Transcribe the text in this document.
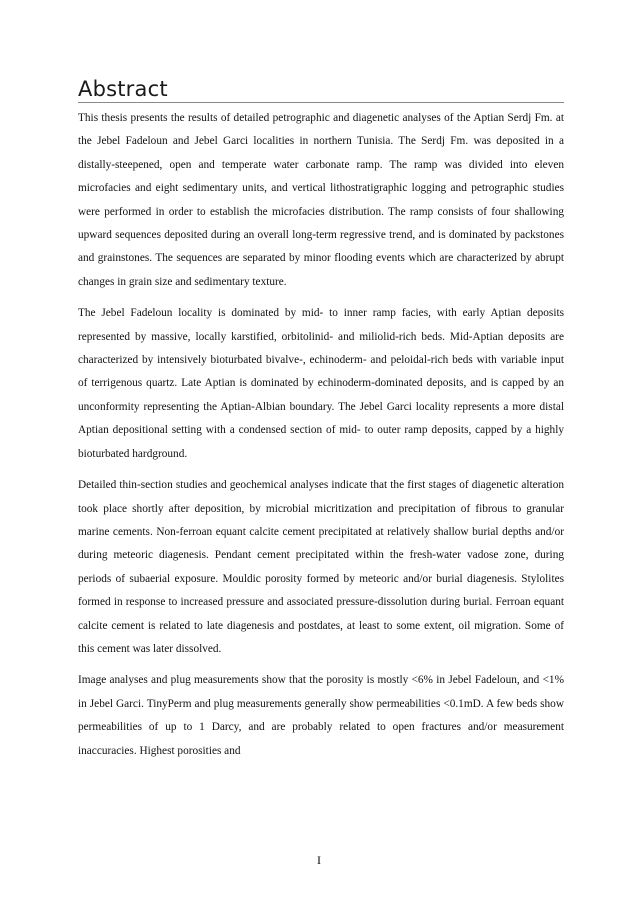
Abstract

This thesis presents the results of detailed petrographic and diagenetic analyses of the Aptian Serdj Fm. at the Jebel Fadeloun and Jebel Garci localities in northern Tunisia. The Serdj Fm. was deposited in a distally-steepened, open and temperate water carbonate ramp. The ramp was divided into eleven microfacies and eight sedimentary units, and vertical lithostratigraphic logging and petrographic studies were performed in order to establish the microfacies distribution. The ramp consists of four shallowing upward sequences deposited during an overall long-term regressive trend, and is dominated by packstones and grainstones. The sequences are separated by minor flooding events which are characterized by abrupt changes in grain size and sedimentary texture.

The Jebel Fadeloun locality is dominated by mid- to inner ramp facies, with early Aptian deposits represented by massive, locally karstified, orbitolinid- and miliolid-rich beds. Mid-Aptian deposits are characterized by intensively bioturbated bivalve-, echinoderm- and peloidal-rich beds with variable input of terrigenous quartz. Late Aptian is dominated by echinoderm-dominated deposits, and is capped by an unconformity representing the Aptian-Albian boundary. The Jebel Garci locality represents a more distal Aptian depositional setting with a condensed section of mid- to outer ramp deposits, capped by a highly bioturbated hardground.

Detailed thin-section studies and geochemical analyses indicate that the first stages of diagenetic alteration took place shortly after deposition, by microbial micritization and precipitation of fibrous to granular marine cements. Non-ferroan equant calcite cement precipitated at relatively shallow burial depths and/or during meteoric diagenesis. Pendant cement precipitated within the fresh-water vadose zone, during periods of subaerial exposure. Mouldic porosity formed by meteoric and/or burial diagenesis. Stylolites formed in response to increased pressure and associated pressure-dissolution during burial. Ferroan equant calcite cement is related to late diagenesis and postdates, at least to some extent, oil migration. Some of this cement was later dissolved.

Image analyses and plug measurements show that the porosity is mostly <6% in Jebel Fadeloun, and <1% in Jebel Garci. TinyPerm and plug measurements generally show permeabilities <0.1mD. A few beds show permeabilities of up to 1 Darcy, and are probably related to open fractures and/or measurement inaccuracies. Highest porosities and

I
